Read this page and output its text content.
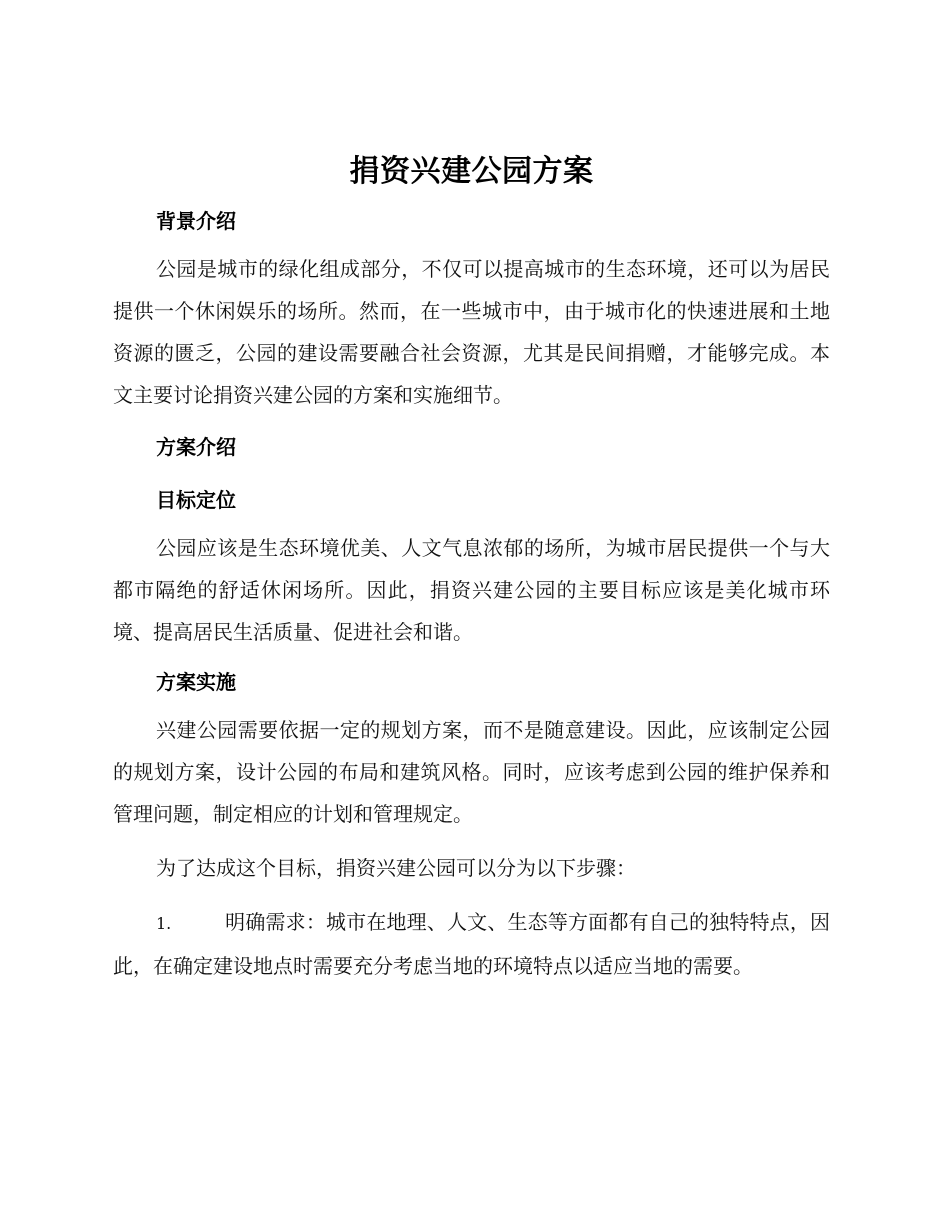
捐资兴建公园方案
背景介绍

公园是城市的绿化组成部分，不仅可以提高城市的生态环境，还可以为居民提供一个休闲娱乐的场所。然而，在一些城市中，由于城市化的快速进展和土地资源的匮乏，公园的建设需要融合社会资源，尤其是民间捐赠，才能够完成。本文主要讨论捐资兴建公园的方案和实施细节。

方案介绍
目标定位

公园应该是生态环境优美、人文气息浓郁的场所，为城市居民提供一个与大都市隔绝的舒适休闲场所。因此，捐资兴建公园的主要目标应该是美化城市环境、提高居民生活质量、促进社会和谐。

方案实施

兴建公园需要依据一定的规划方案，而不是随意建设。因此，应该制定公园的规划方案，设计公园的布局和建筑风格。同时，应该考虑到公园的维护保养和管理问题，制定相应的计划和管理规定。

为了达成这个目标，捐资兴建公园可以分为以下步骤：

1.	明确需求：城市在地理、人文、生态等方面都有自己的独特特点，因此，在确定建设地点时需要充分考虑当地的环境特点以适应当地的需要。
